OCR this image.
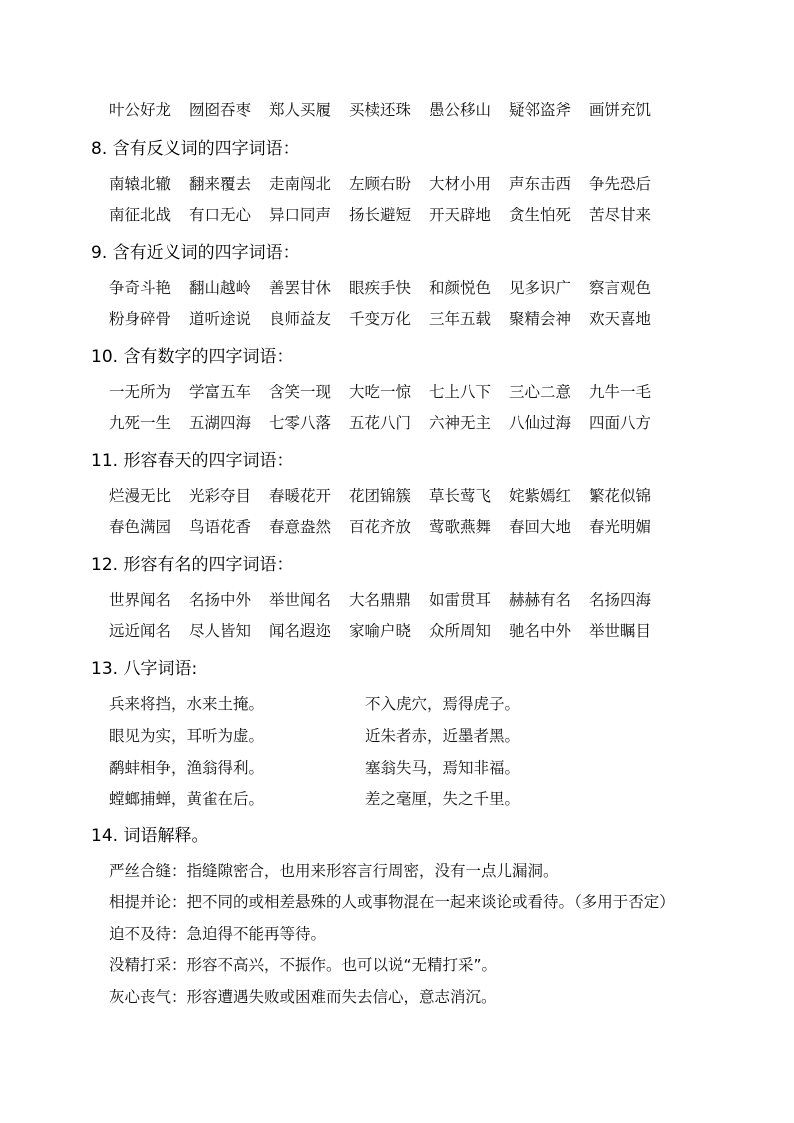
叶公好龙 囫囵吞枣 郑人买履 买椟还珠 愚公移山 疑邻盗斧 画饼充饥
8. 含有反义词的四字词语：
南辕北辙 翻来覆去 走南闯北 左顾右盼 大材小用 声东击西 争先恐后
南征北战 有口无心 异口同声 扬长避短 开天辟地 贪生怕死 苦尽甘来
9. 含有近义词的四字词语：
争奇斗艳 翻山越岭 善罢甘休 眼疾手快 和颜悦色 见多识广 察言观色
粉身碎骨 道听途说 良师益友 千变万化 三年五载 聚精会神 欢天喜地
10. 含有数字的四字词语：
一无所为 学富五车 含笑一现 大吃一惊 七上八下 三心二意 九牛一毛
九死一生 五湖四海 七零八落 五花八门 六神无主 八仙过海 四面八方
11. 形容春天的四字词语：
烂漫无比 光彩夺目 春暖花开 花团锦簇 草长莺飞 姹紫嫣红 繁花似锦
春色满园 鸟语花香 春意盎然 百花齐放 莺歌燕舞 春回大地 春光明媚
12. 形容有名的四字词语：
世界闻名 名扬中外 举世闻名 大名鼎鼎 如雷贯耳 赫赫有名 名扬四海
远近闻名 尽人皆知 闻名遐迩 家喻户晓 众所周知 驰名中外 举世瞩目
13. 八字词语:
兵来将挡，水来土掩。	不入虎穴，焉得虎子。
眼见为实，耳听为虚。	近朱者赤，近墨者黑。
鹬蚌相争，渔翁得利。	塞翁失马，焉知非福。
螳螂捕蝉，黄雀在后。	差之毫厘，失之千里。
14. 词语解释。
严丝合缝：指缝隙密合，也用来形容言行周密，没有一点儿漏洞。
相提并论：把不同的或相差悬殊的人或事物混在一起来谈论或看待。（多用于否定）
迫不及待：急迫得不能再等待。
没精打采：形容不高兴，不振作。也可以说“无精打采”。
灰心丧气：形容遭遇失败或困难而失去信心，意志消沉。
